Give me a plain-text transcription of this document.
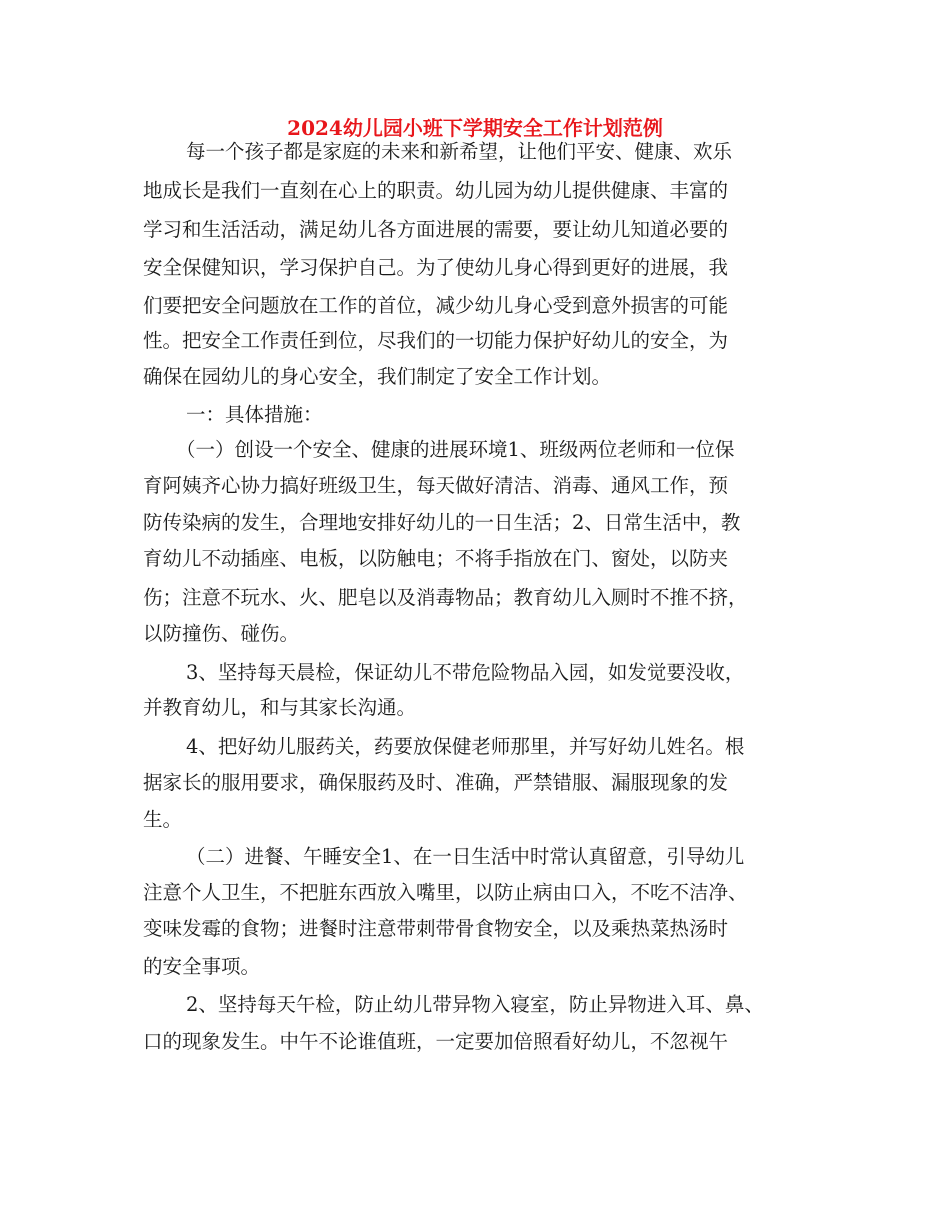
2024幼儿园小班下学期安全工作计划范例
每一个孩子都是家庭的未来和新希望，让他们平安、健康、欢乐
地成长是我们一直刻在心上的职责。幼儿园为幼儿提供健康、丰富的
学习和生活活动，满足幼儿各方面进展的需要，要让幼儿知道必要的
安全保健知识，学习保护自己。为了使幼儿身心得到更好的进展，我
们要把安全问题放在工作的首位，减少幼儿身心受到意外损害的可能
性。把安全工作责任到位，尽我们的一切能力保护好幼儿的安全，为
确保在园幼儿的身心安全，我们制定了安全工作计划。
一：具体措施：
（一）创设一个安全、健康的进展环境1、班级两位老师和一位保
育阿姨齐心协力搞好班级卫生，每天做好清洁、消毒、通风工作，预
防传染病的发生，合理地安排好幼儿的一日生活；2、日常生活中，教
育幼儿不动插座、电板，以防触电；不将手指放在门、窗处，以防夹
伤；注意不玩水、火、肥皂以及消毒物品；教育幼儿入厕时不推不挤，
以防撞伤、碰伤。
3、坚持每天晨检，保证幼儿不带危险物品入园，如发觉要没收，
并教育幼儿，和与其家长沟通。
4、把好幼儿服药关，药要放保健老师那里，并写好幼儿姓名。根
据家长的服用要求，确保服药及时、准确，严禁错服、漏服现象的发
生。
（二）进餐、午睡安全1、在一日生活中时常认真留意，引导幼儿
注意个人卫生，不把脏东西放入嘴里，以防止病由口入，不吃不洁净、
变味发霉的食物；进餐时注意带刺带骨食物安全，以及乘热菜热汤时
的安全事项。
2、坚持每天午检，防止幼儿带异物入寝室，防止异物进入耳、鼻、
口的现象发生。中午不论谁值班，一定要加倍照看好幼儿，不忽视午
